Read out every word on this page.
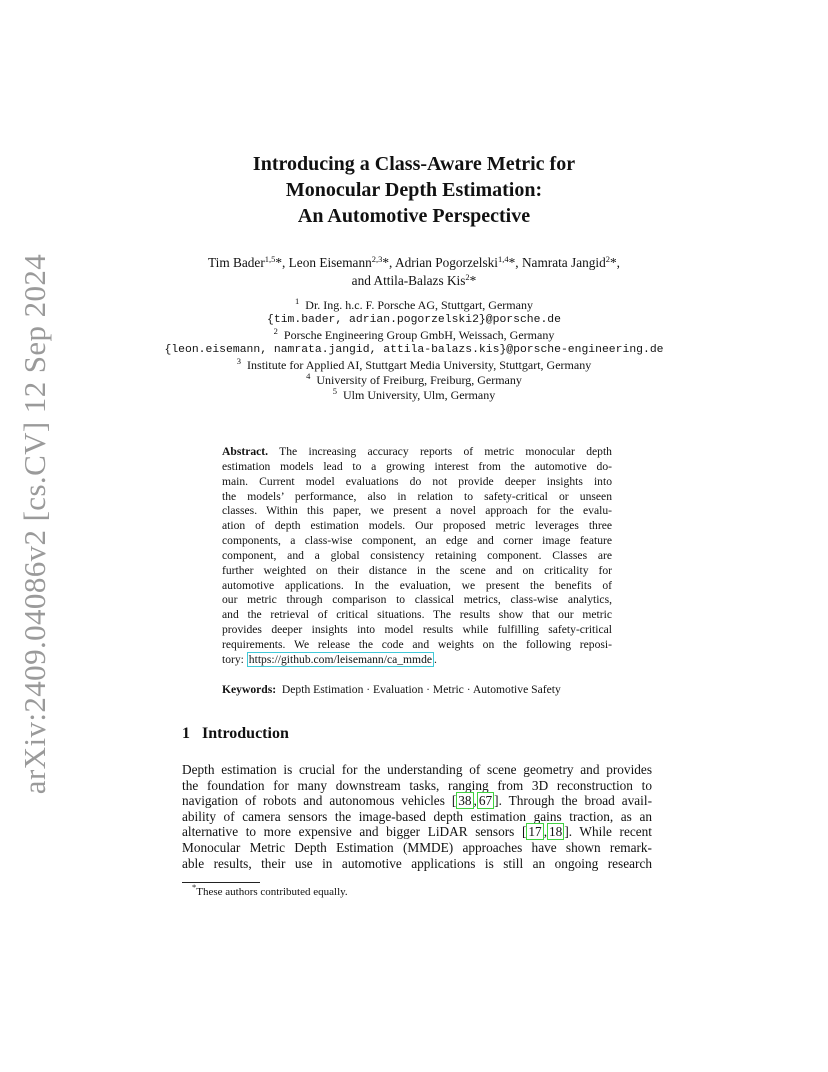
arXiv:2409.04086v2 [cs.CV] 12 Sep 2024
Introducing a Class-Aware Metric for
Monocular Depth Estimation:
An Automotive Perspective
Tim Bader$^{1,5}$*, Leon Eisemann$^{2,3}$*, Adrian Pogorzelski$^{1,4}$*, Namrata Jangid$^2$*,
and Attila-Balazs Kis$^2$*
$^1$ Dr. Ing. h.c. F. Porsche AG, Stuttgart, Germany
{tim.bader, adrian.pogorzelski2}@porsche.de
$^2$ Porsche Engineering Group GmbH, Weissach, Germany
{leon.eisemann, namrata.jangid, attila-balazs.kis}@porsche-engineering.de
$^3$ Institute for Applied AI, Stuttgart Media University, Stuttgart, Germany
$^4$ University of Freiburg, Freiburg, Germany
$^5$ Ulm University, Ulm, Germany
Abstract. The increasing accuracy reports of metric monocular depth
estimation models lead to a growing interest from the automotive do-
main. Current model evaluations do not provide deeper insights into
the models’ performance, also in relation to safety-critical or unseen
classes. Within this paper, we present a novel approach for the evalu-
ation of depth estimation models. Our proposed metric leverages three
components, a class-wise component, an edge and corner image feature
component, and a global consistency retaining component. Classes are
further weighted on their distance in the scene and on criticality for
automotive applications. In the evaluation, we present the benefits of
our metric through comparison to classical metrics, class-wise analytics,
and the retrieval of critical situations. The results show that our metric
provides deeper insights into model results while fulfilling safety-critical
requirements. We release the code and weights on the following reposi-
tory: https://github.com/leisemann/ca_mmde .
Keywords: Depth Estimation · Evaluation · Metric · Automotive Safety
1 Introduction
Depth estimation is crucial for the understanding of scene geometry and provides
the foundation for many downstream tasks, ranging from 3D reconstruction to
navigation of robots and autonomous vehicles [ 38 , 67 ]. Through the broad avail-
ability of camera sensors the image-based depth estimation gains traction, as an
alternative to more expensive and bigger LiDAR sensors [ 17 , 18 ]. While recent
Monocular Metric Depth Estimation (MMDE) approaches have shown remark-
able results, their use in automotive applications is still an ongoing research
*These authors contributed equally.
